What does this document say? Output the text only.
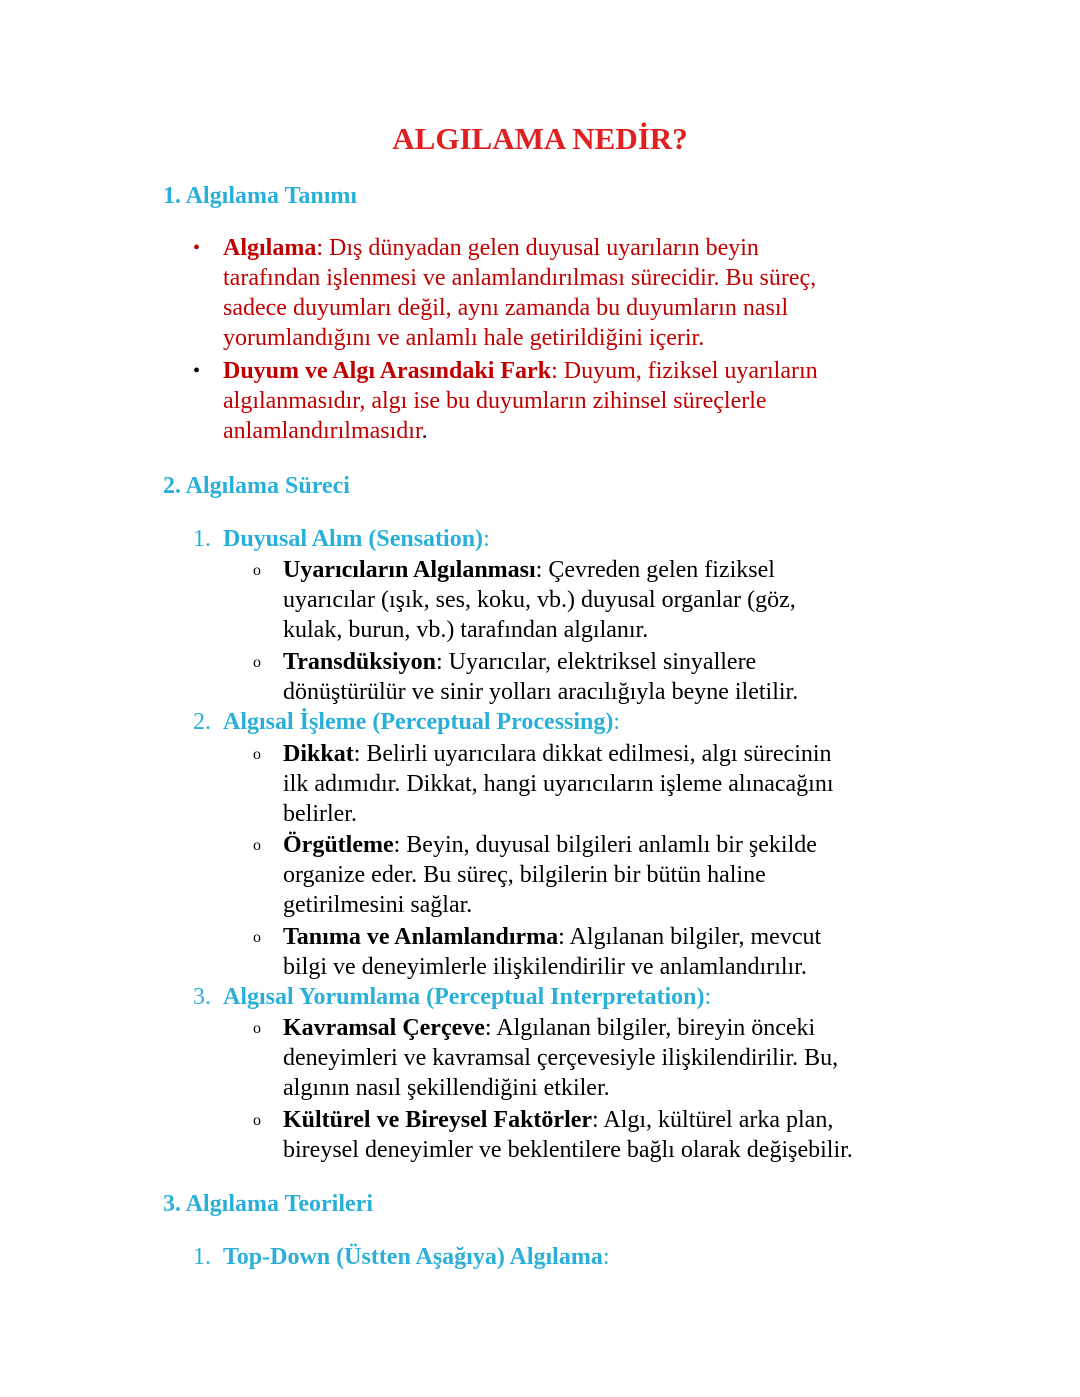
ALGILAMA NEDİR?
1. Algılama Tanımı
• Algılama: Dış dünyadan gelen duyusal uyarıların beyin
tarafından işlenmesi ve anlamlandırılması sürecidir. Bu süreç,
sadece duyumları değil, aynı zamanda bu duyumların nasıl
yorumlandığını ve anlamlı hale getirildiğini içerir.
• Duyum ve Algı Arasındaki Fark: Duyum, fiziksel uyarıların
algılanmasıdır, algı ise bu duyumların zihinsel süreçlerle
anlamlandırılmasıdır.
2. Algılama Süreci
1. Duyusal Alım (Sensation):
o Uyarıcıların Algılanması: Çevreden gelen fiziksel
uyarıcılar (ışık, ses, koku, vb.) duyusal organlar (göz,
kulak, burun, vb.) tarafından algılanır.
o Transdüksiyon: Uyarıcılar, elektriksel sinyallere
dönüştürülür ve sinir yolları aracılığıyla beyne iletilir.
2. Algısal İşleme (Perceptual Processing):
o Dikkat: Belirli uyarıcılara dikkat edilmesi, algı sürecinin
ilk adımıdır. Dikkat, hangi uyarıcıların işleme alınacağını
belirler.
o Örgütleme: Beyin, duyusal bilgileri anlamlı bir şekilde
organize eder. Bu süreç, bilgilerin bir bütün haline
getirilmesini sağlar.
o Tanıma ve Anlamlandırma: Algılanan bilgiler, mevcut
bilgi ve deneyimlerle ilişkilendirilir ve anlamlandırılır.
3. Algısal Yorumlama (Perceptual Interpretation):
o Kavramsal Çerçeve: Algılanan bilgiler, bireyin önceki
deneyimleri ve kavramsal çerçevesiyle ilişkilendirilir. Bu,
algının nasıl şekillendiğini etkiler.
o Kültürel ve Bireysel Faktörler: Algı, kültürel arka plan,
bireysel deneyimler ve beklentilere bağlı olarak değişebilir.
3. Algılama Teorileri
1. Top-Down (Üstten Aşağıya) Algılama:
